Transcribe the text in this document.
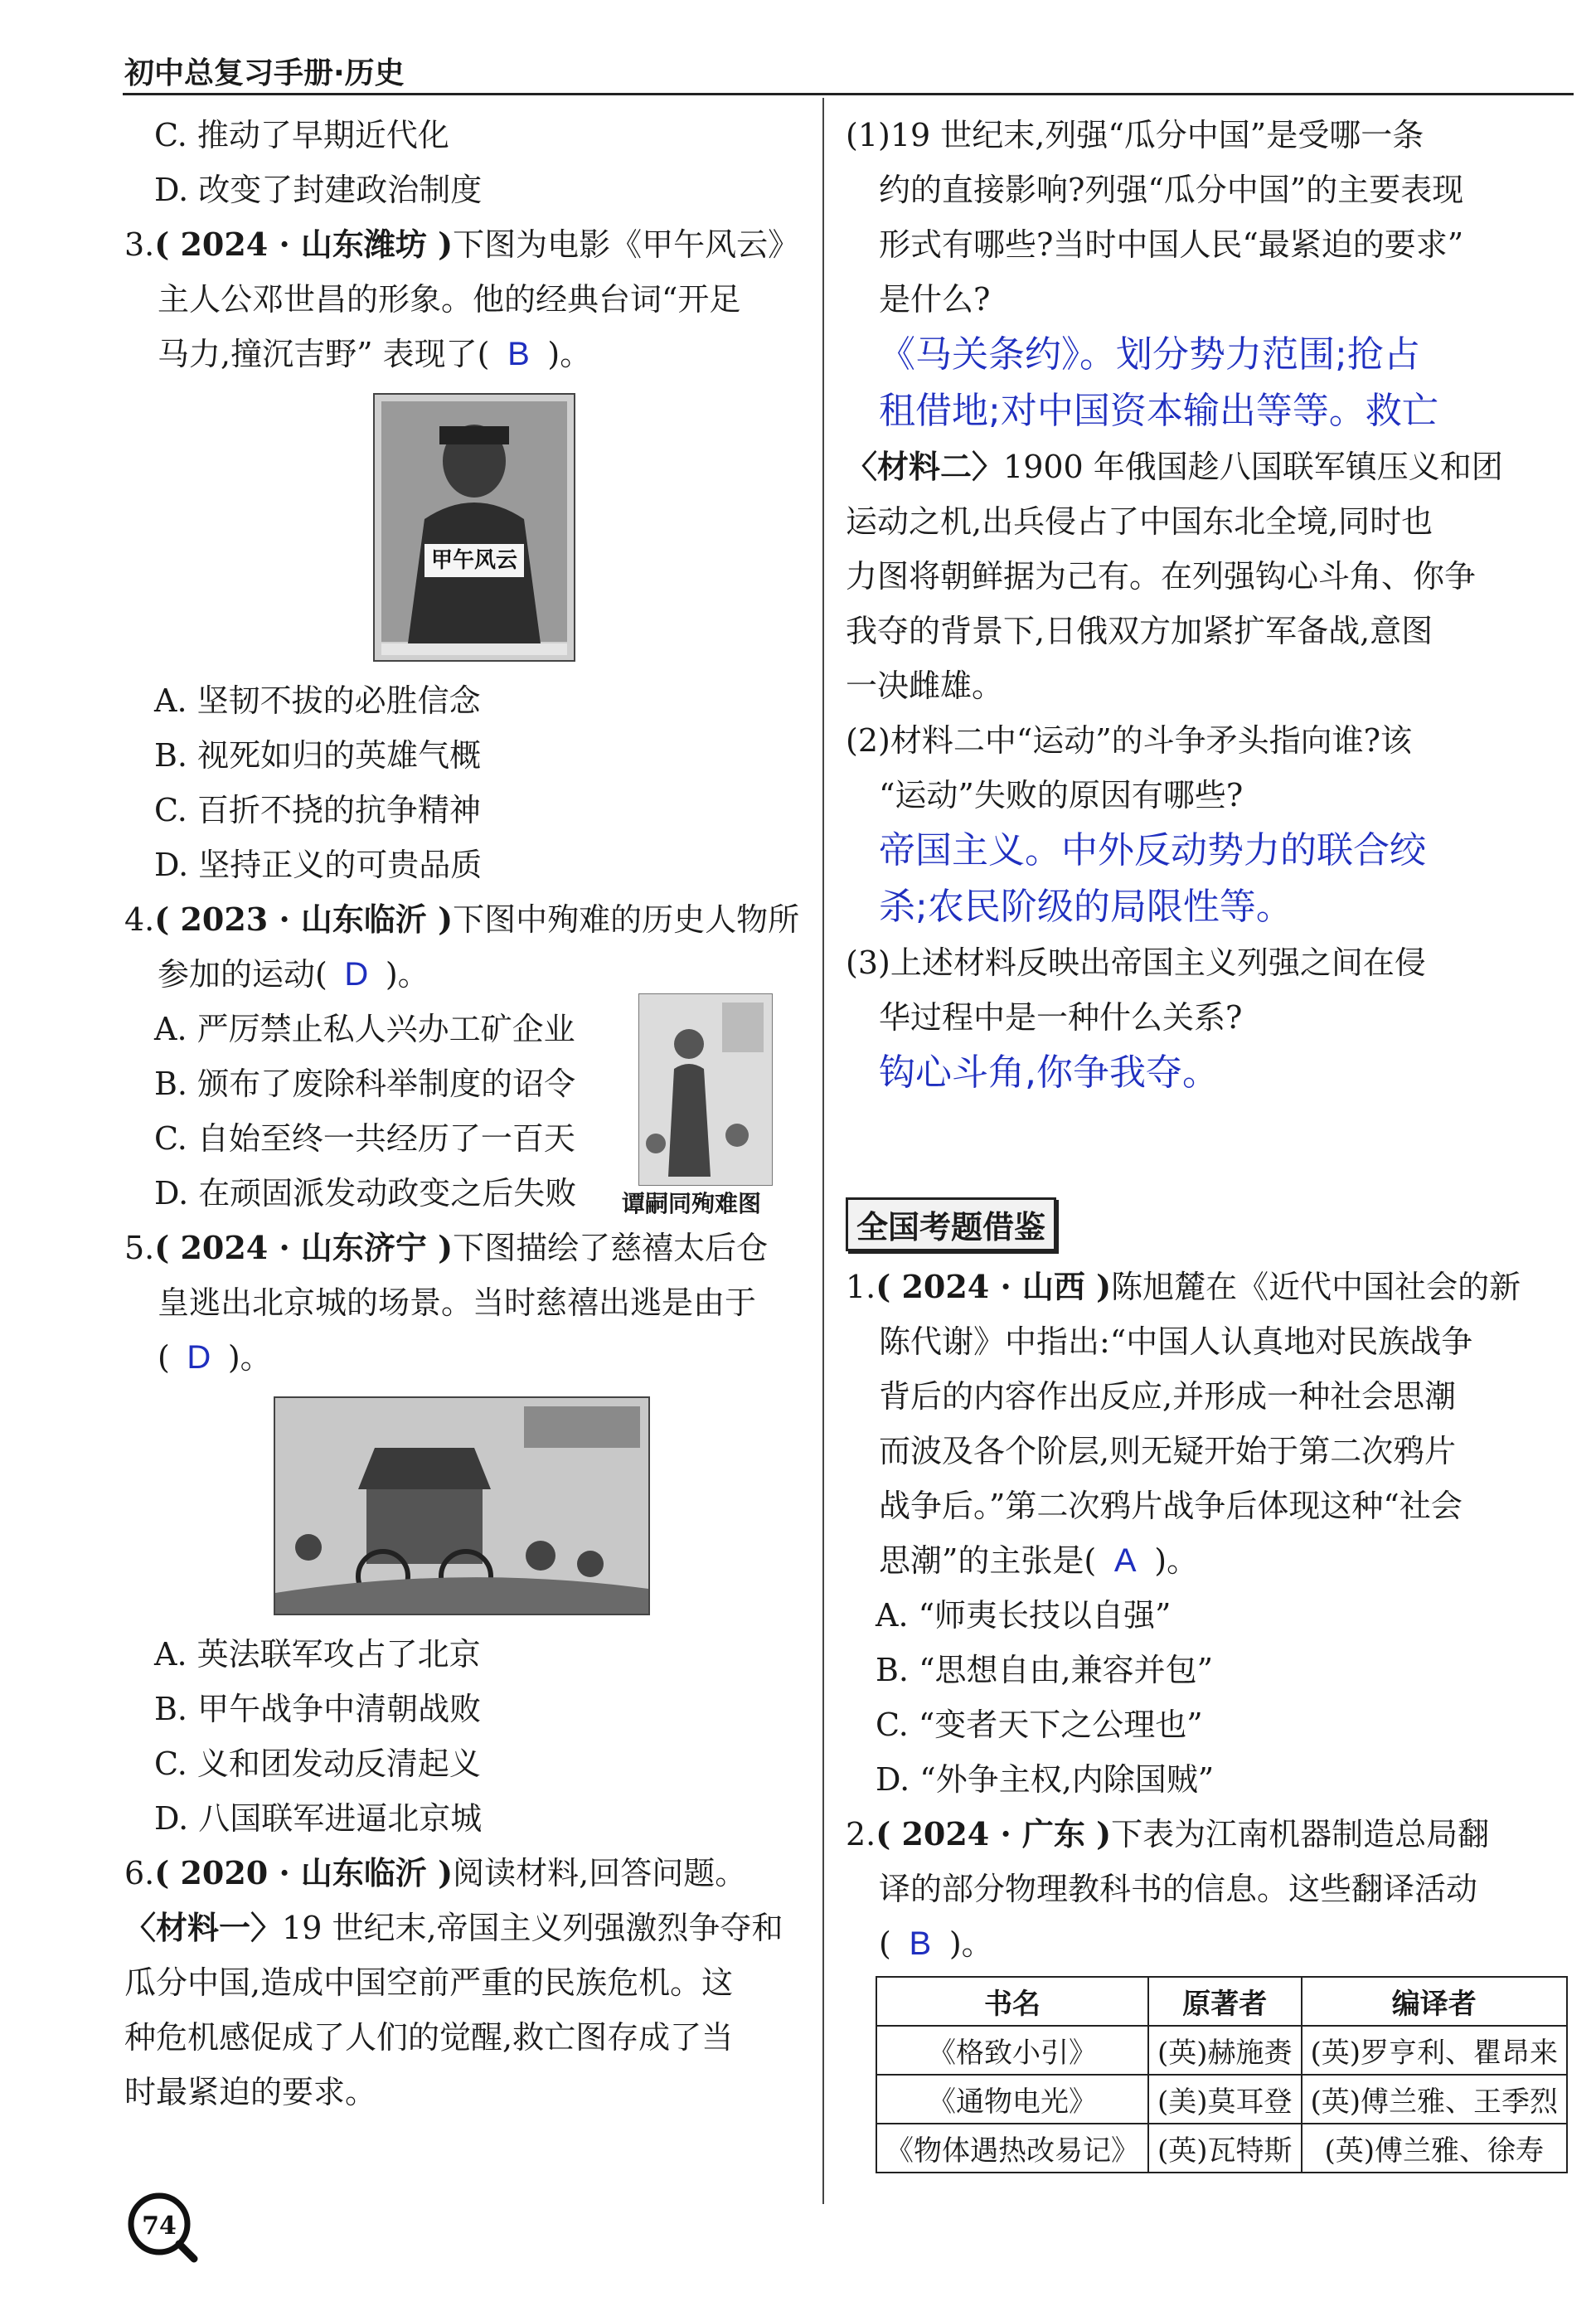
初中总复习手册·历史
C. 推动了早期近代化
D. 改变了封建政治制度
3.( 2024 · 山东潍坊 )下图为电影《甲午风云》
主人公邓世昌的形象。他的经典台词“开足
马力,撞沉吉野” 表现了( B )。
甲午风云
A. 坚韧不拔的必胜信念
B. 视死如归的英雄气概
C. 百折不挠的抗争精神
D. 坚持正义的可贵品质
4.( 2023 · 山东临沂 )下图中殉难的历史人物所
参加的运动( D )。
A. 严厉禁止私人兴办工矿企业
B. 颁布了废除科举制度的诏令
C. 自始至终一共经历了一百天
D. 在顽固派发动政变之后失败	谭嗣同殉难图
5.( 2024 · 山东济宁 )下图描绘了慈禧太后仓
皇逃出北京城的场景。当时慈禧出逃是由于
( D )。
A. 英法联军攻占了北京
B. 甲午战争中清朝战败
C. 义和团发动反清起义
D. 八国联军进逼北京城
6.( 2020 · 山东临沂 )阅读材料,回答问题。
〈材料一〉19 世纪末,帝国主义列强激烈争夺和
瓜分中国,造成中国空前严重的民族危机。这
种危机感促成了人们的觉醒,救亡图存成了当
时最紧迫的要求。
(1)19 世纪末,列强“瓜分中国”是受哪一条
约的直接影响?列强“瓜分中国”的主要表现
形式有哪些?当时中国人民“最紧迫的要求”
是什么?
《马关条约》。划分势力范围;抢占
租借地;对中国资本输出等等。救亡
〈材料二〉1900 年俄国趁八国联军镇压义和团
运动之机,出兵侵占了中国东北全境,同时也
力图将朝鲜据为己有。在列强钩心斗角、你争
我夺的背景下,日俄双方加紧扩军备战,意图
一决雌雄。
(2)材料二中“运动”的斗争矛头指向谁?该
“运动”失败的原因有哪些?
帝国主义。中外反动势力的联合绞
杀;农民阶级的局限性等。
(3)上述材料反映出帝国主义列强之间在侵
华过程中是一种什么关系?
钩心斗角,你争我夺。
全国考题借鉴
1.( 2024 · 山西 )陈旭麓在《近代中国社会的新
陈代谢》中指出:“中国人认真地对民族战争
背后的内容作出反应,并形成一种社会思潮
而波及各个阶层,则无疑开始于第二次鸦片
战争后。”第二次鸦片战争后体现这种“社会
思潮”的主张是( A )。
A. “师夷长技以自强”
B. “思想自由,兼容并包”
C. “变者天下之公理也”
D. “外争主权,内除国贼”
2.( 2024 · 广东 )下表为江南机器制造总局翻
译的部分物理教科书的信息。这些翻译活动
( B )。
书名	原著者	编译者
《格致小引》	(英)赫施赉	(英)罗亨利、瞿昂来
《通物电光》	(美)莫耳登	(英)傅兰雅、王季烈
《物体遇热改易记》	(英)瓦特斯	(英)傅兰雅、徐寿
74
